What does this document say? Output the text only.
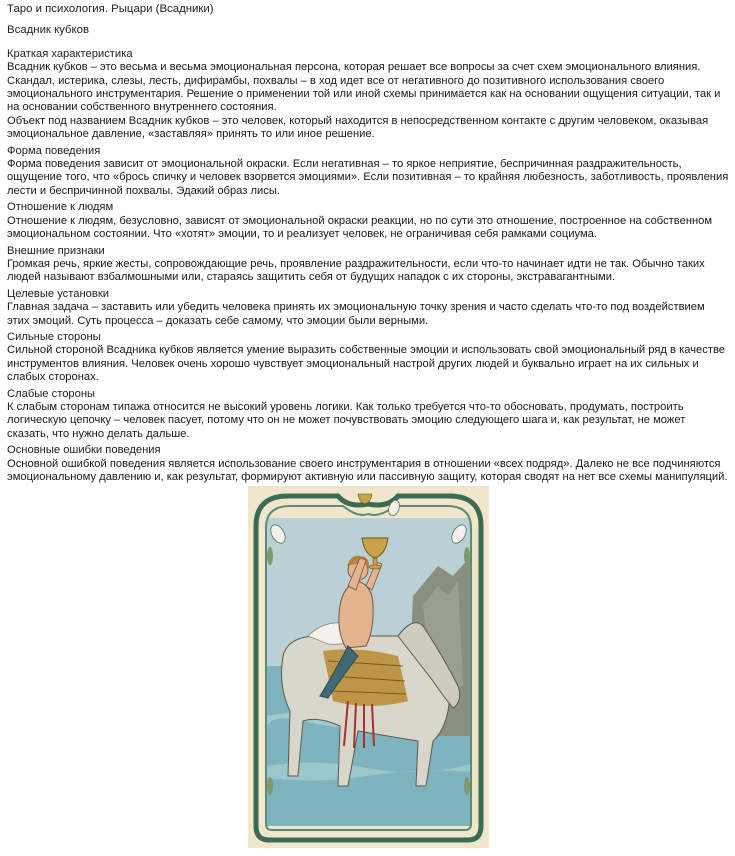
Таро и психология. Рыцари (Всадники)
Всадник кубков
Краткая характеристика

Всадник кубков – это весьма и весьма эмоциональная персона, которая решает все вопросы за счет схем эмоционального влияния. Скандал, истерика, слезы, лесть, дифирамбы, похвалы – в ход идет все от негативного до позитивного использования своего эмоционального инструментария. Решение о применении той или иной схемы принимается как на основании ощущения ситуации, так и на основании собственного внутреннего состояния.

Объект под названием Всадник кубков – это человек, который находится в непосредственном контакте с другим человеком, оказывая эмоциональное давление, «заставляя» принять то или иное решение.

Форма поведения

Форма поведения зависит от эмоциональной окраски. Если негативная – то яркое неприятие, беспричинная раздражительность, ощущение того, что «брось спичку и человек взорвется эмоциями». Если позитивная – то крайняя любезность, заботливость, проявления лести и беспричинной похвалы. Эдакий образ лисы.

Отношение к людям

Отношение к людям, безусловно, зависят от эмоциональной окраски реакции, но по сути это отношение, построенное на собственном эмоциональном состоянии. Что «хотят» эмоции, то и реализует человек, не ограничивая себя рамками социума.

Внешние признаки

Громкая речь, яркие жесты, сопровождающие речь, проявление раздражительности, если что-то начинает идти не так. Обычно таких людей называют взбалмошными или, стараясь защитить себя от будущих нападок с их стороны, экстравагантными.

Целевые установки

Главная задача – заставить или убедить человека принять их эмоциональную точку зрения и часто сделать что-то под воздействием этих эмоций. Суть процесса – доказать себе самому, что эмоции были верными.

Сильные стороны

Сильной стороной Всадника кубков является умение выразить собственные эмоции и использовать свой эмоциональный ряд в качестве инструментов влияния. Человек очень хорошо чувствует эмоциональный настрой других людей и буквально играет на их сильных и слабых сторонах.

Слабые стороны

К слабым сторонам типажа относится не высокий уровень логики. Как только требуется что-то обосновать, продумать, построить логическую цепочку – человек пасует, потому что он не может почувствовать эмоцию следующего шага и, как результат, не может сказать, что нужно делать дальше.

Основные ошибки поведения

Основной ошибкой поведения является использование своего инструментария в отношении «всех подряд». Далеко не все подчиняются эмоциональному давлению и, как результат, формируют активную или пассивную защиту, которая сводят на нет все схемы манипуляций.
